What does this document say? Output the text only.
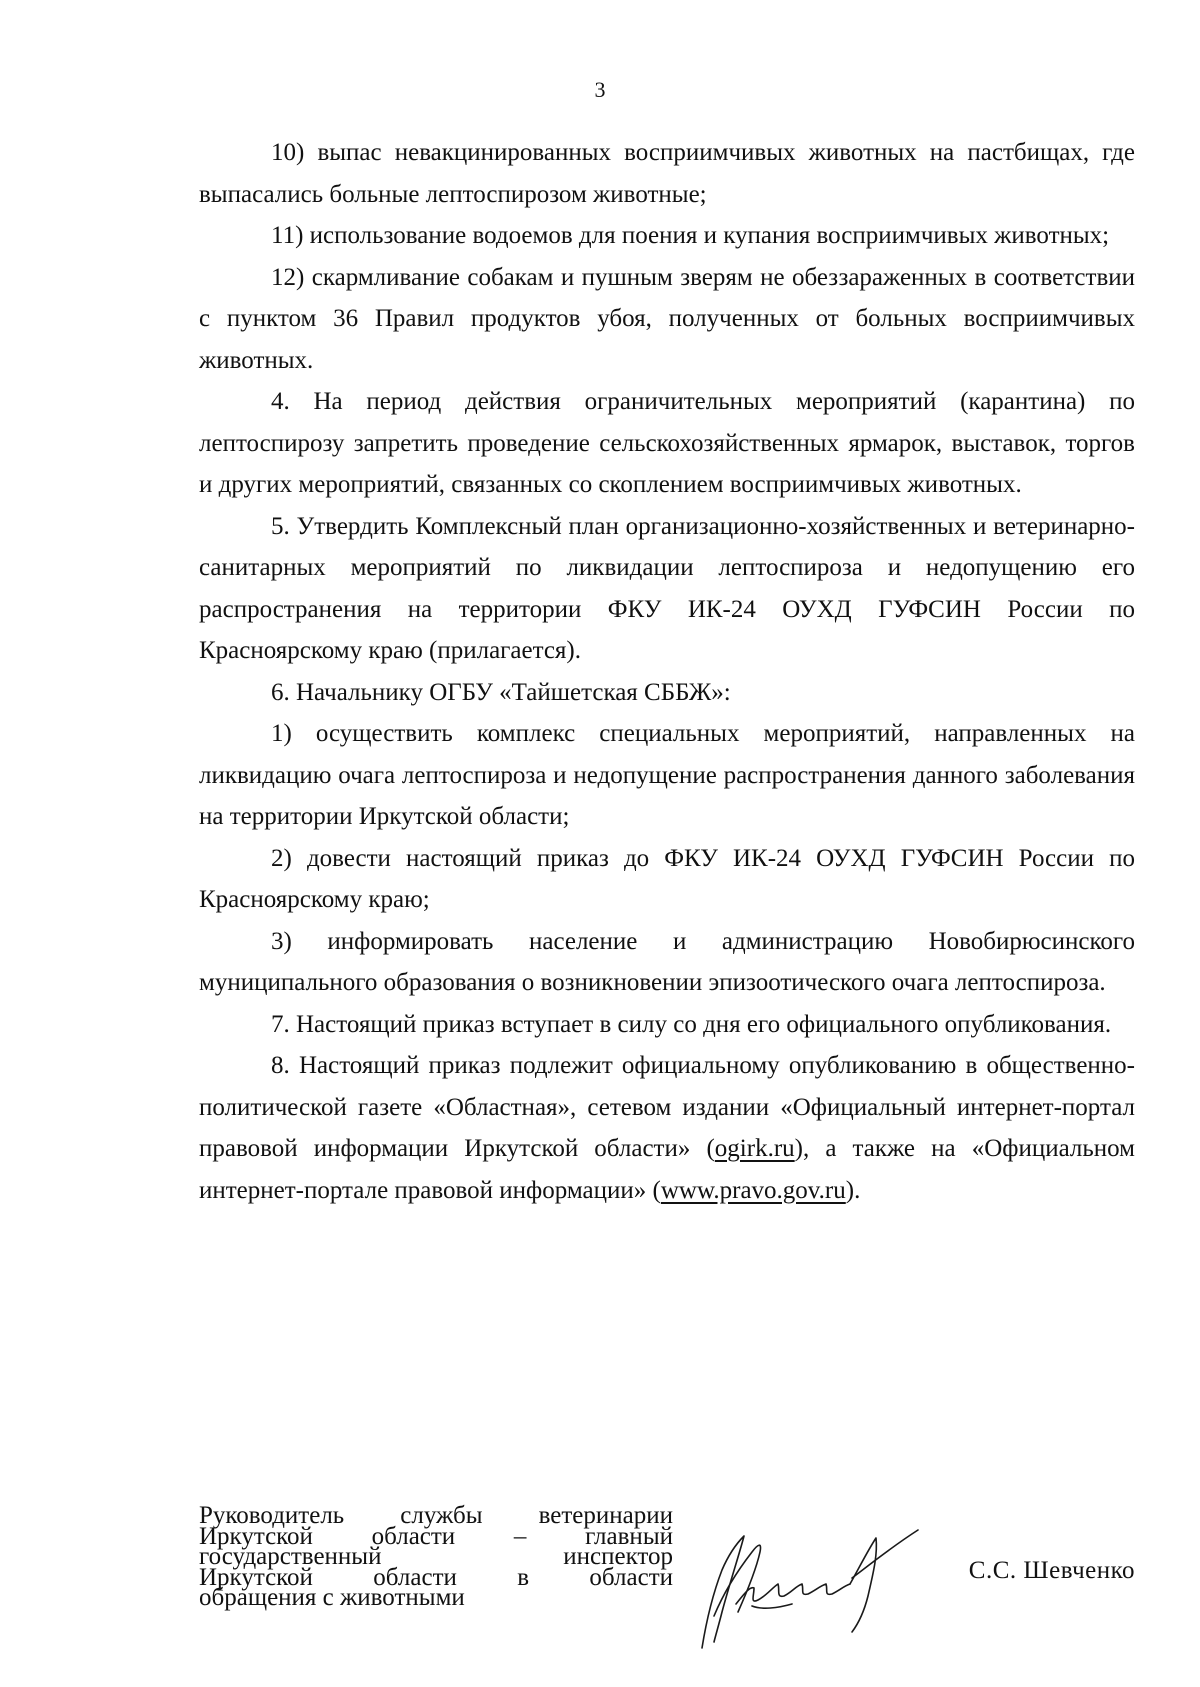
3

10) выпас невакцинированных восприимчивых животных на пастбищах, где выпасались больные лептоспирозом животные;

11) использование водоемов для поения и купания восприимчивых животных;

12) скармливание собакам и пушным зверям не обеззараженных в соответствии с пунктом 36 Правил продуктов убоя, полученных от больных восприимчивых животных.

4. На период действия ограничительных мероприятий (карантина) по лептоспирозу запретить проведение сельскохозяйственных ярмарок, выставок, торгов и других мероприятий, связанных со скоплением восприимчивых животных.

5. Утвердить Комплексный план организационно-хозяйственных и ветеринарно-санитарных мероприятий по ликвидации лептоспироза и недопущению его распространения на территории ФКУ ИК-24 ОУХД ГУФСИН России по Красноярскому краю (прилагается).

6. Начальнику ОГБУ «Тайшетская СББЖ»:

1) осуществить комплекс специальных мероприятий, направленных на ликвидацию очага лептоспироза и недопущение распространения данного заболевания на территории Иркутской области;

2) довести настоящий приказ до ФКУ ИК-24 ОУХД ГУФСИН России по Красноярскому краю;

3) информировать население и администрацию Новобирюсинского муниципального образования о возникновении эпизоотического очага лептоспироза.

7. Настоящий приказ вступает в силу со дня его официального опубликования.

8. Настоящий приказ подлежит официальному опубликованию в общественно-политической газете «Областная», сетевом издании «Официальный интернет-портал правовой информации Иркутской области» (ogirk.ru), а также на «Официальном интернет-портале правовой информации» (www.pravo.gov.ru).

Руководитель службы ветеринарии
Иркутской области – главный
государственный инспектор
Иркутской области в области
обращения с животными
С.С. Шевченко
